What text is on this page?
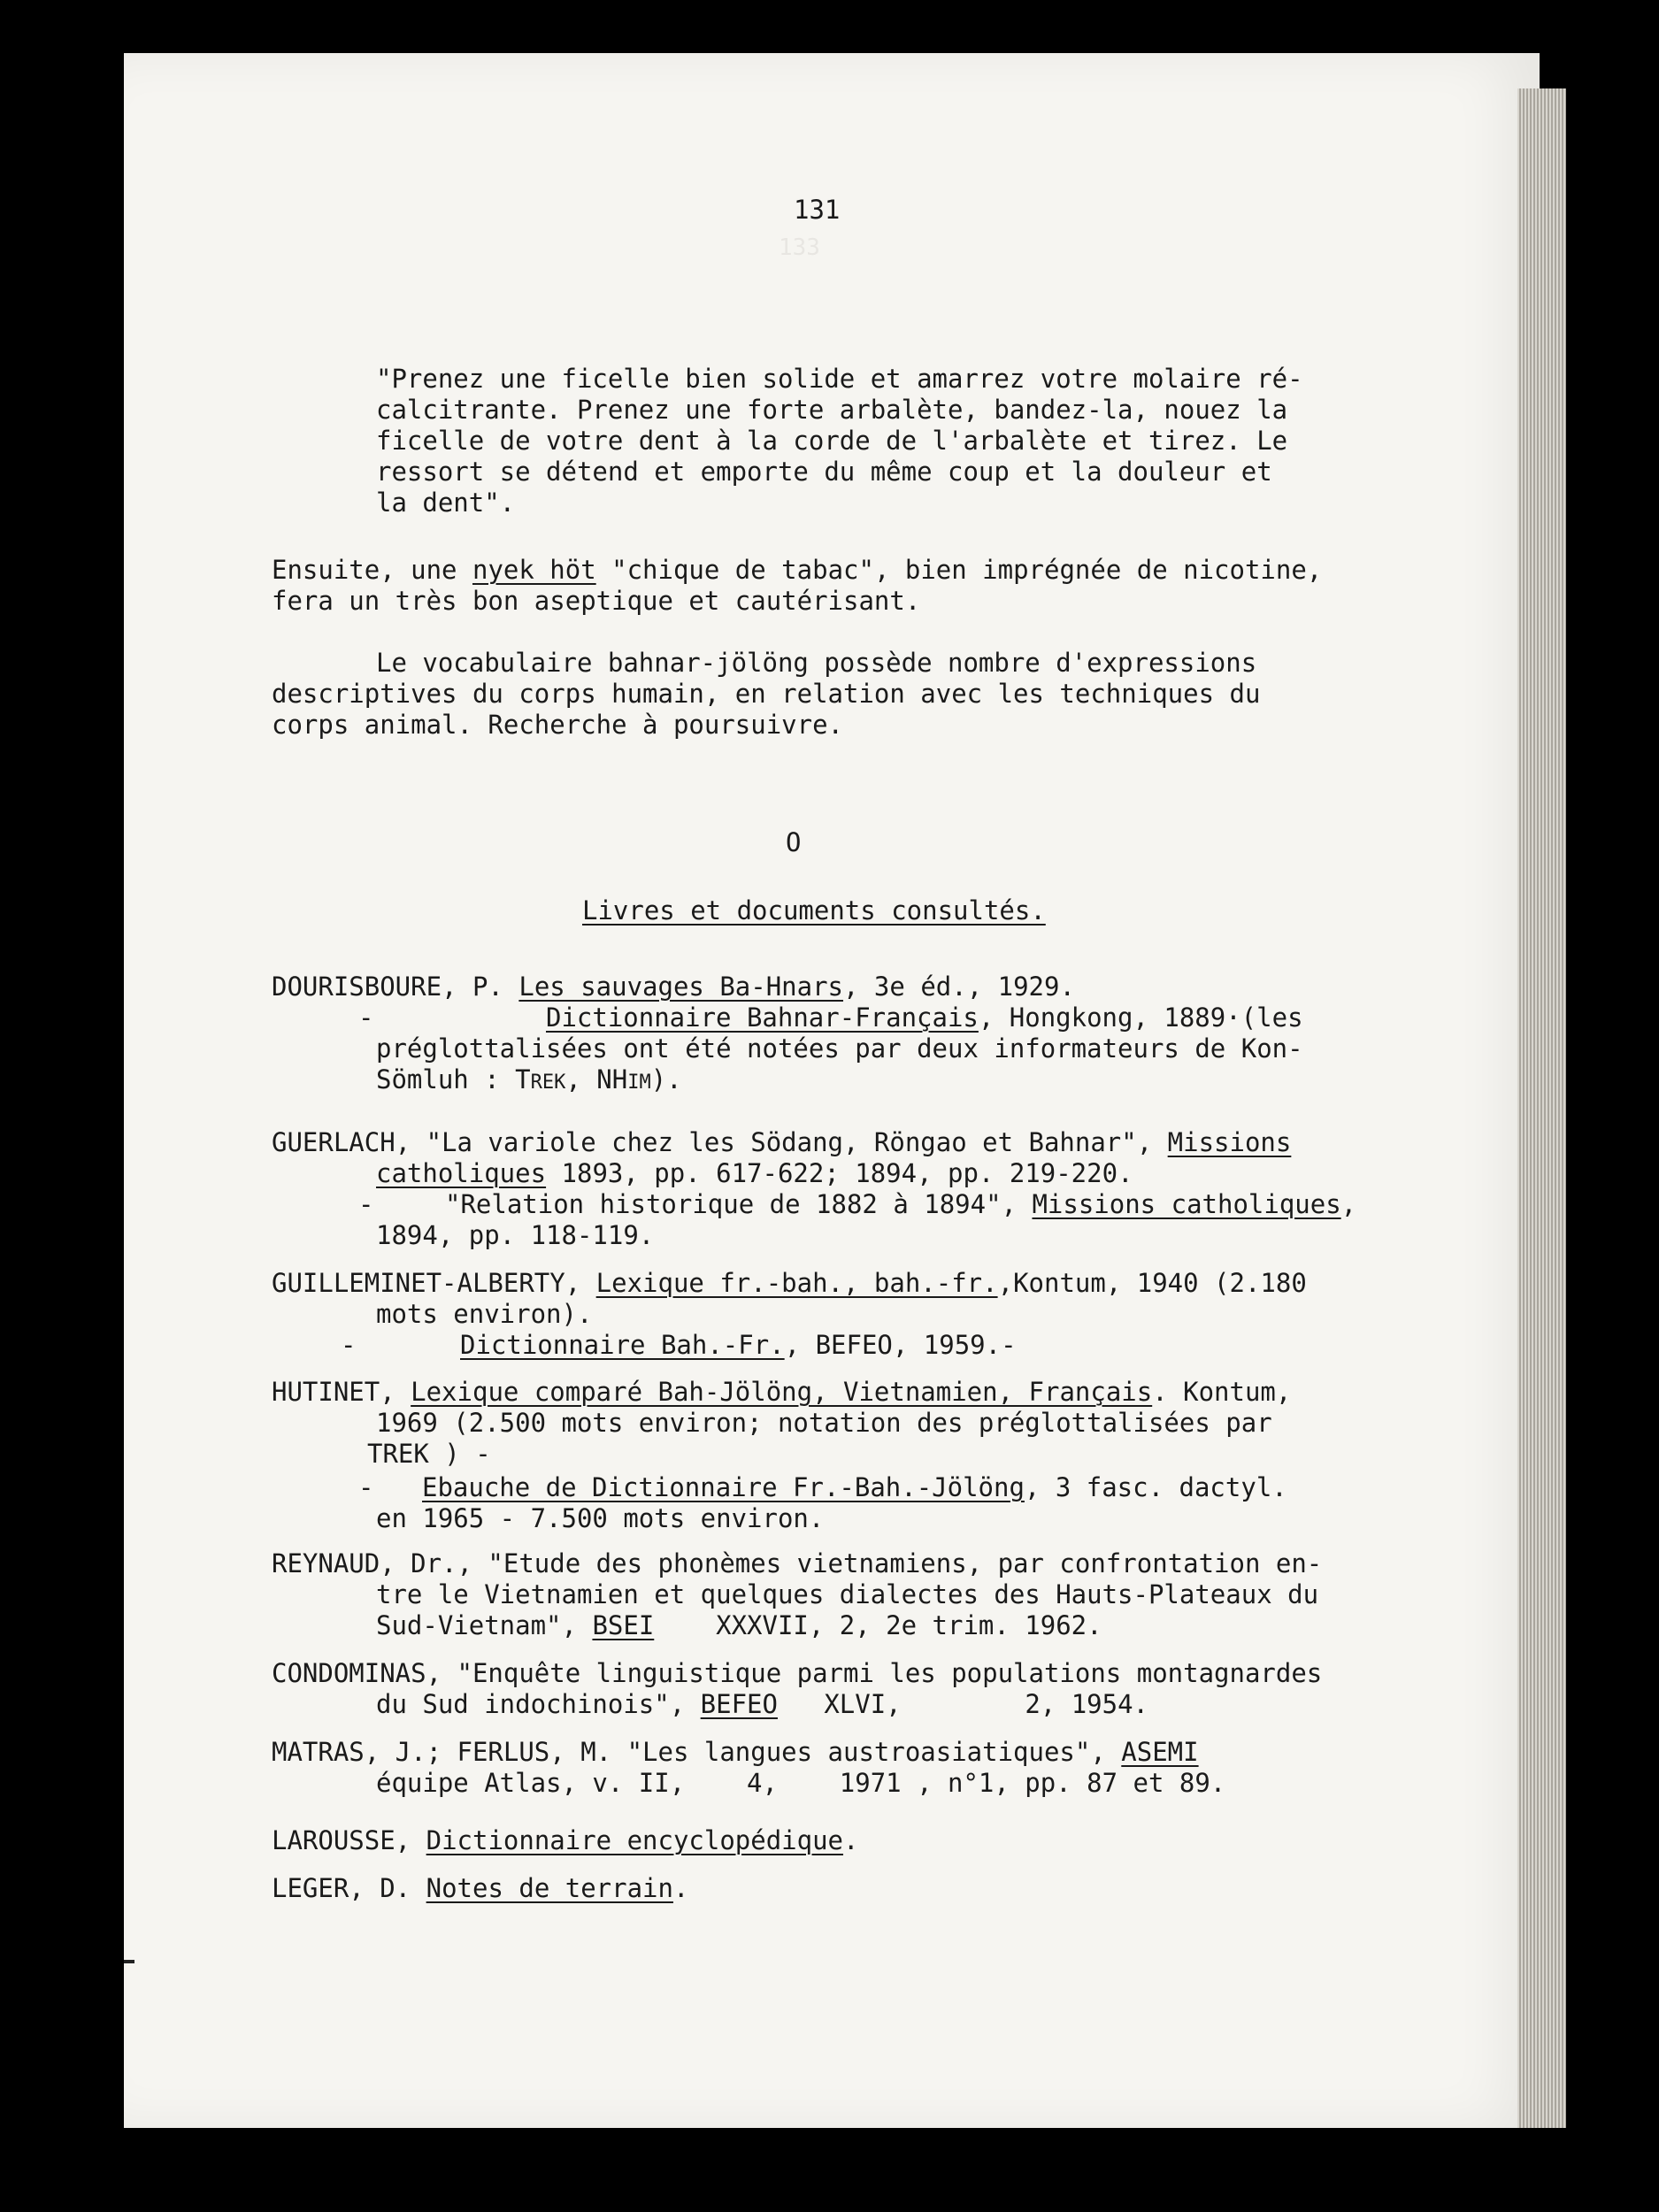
133
131
"Prenez une ficelle bien solide et amarrez votre molaire ré-
calcitrante. Prenez une forte arbalète, bandez-la, nouez la
ficelle de votre dent à la corde de l'arbalète et tirez. Le
ressort se détend et emporte du même coup et la douleur et
la dent".
Ensuite, une nyek höt "chique de tabac", bien imprégnée de nicotine,
fera un très bon aseptique et cautérisant.
Le vocabulaire bahnar-jölöng possède nombre d'expressions
descriptives du corps humain, en relation avec les techniques du
corps animal. Recherche à poursuivre.
O
Livres et documents consultés.
DOURISBOURE, P. Les sauvages Ba-Hnars, 3e éd., 1929.
-	Dictionnaire Bahnar-Français, Hongkong, 1889·(les
préglottalisées ont été notées par deux informateurs de Kon-
Sömluh : TREK, NHIM).
GUERLACH, "La variole chez les Södang, Röngao et Bahnar", Missions
catholiques 1893, pp. 617-622; 1894, pp. 219-220.
-	"Relation historique de 1882 à 1894", Missions catholiques,
1894, pp. 118-119.
GUILLEMINET-ALBERTY, Lexique fr.-bah., bah.-fr.,Kontum, 1940 (2.180
mots environ).
-	Dictionnaire Bah.-Fr., BEFEO, 1959.-
HUTINET, Lexique comparé Bah-Jölöng, Vietnamien, Français. Kontum,
1969 (2.500 mots environ; notation des préglottalisées par
TREK ) -
- Ebauche de Dictionnaire Fr.-Bah.-Jölöng, 3 fasc. dactyl.
en 1965 - 7.500 mots environ.
REYNAUD, Dr., "Etude des phonèmes vietnamiens, par confrontation en-
tre le Vietnamien et quelques dialectes des Hauts-Plateaux du
Sud-Vietnam", BSEI    XXXVII, 2, 2e trim. 1962.
CONDOMINAS, "Enquête linguistique parmi les populations montagnardes
du Sud indochinois", BEFEO   XLVI,        2, 1954.
MATRAS, J.; FERLUS, M. "Les langues austroasiatiques", ASEMI
équipe Atlas, v. II,    4,    1971 , n°1, pp. 87 et 89.
LAROUSSE, Dictionnaire encyclopédique.
LEGER, D. Notes de terrain.
